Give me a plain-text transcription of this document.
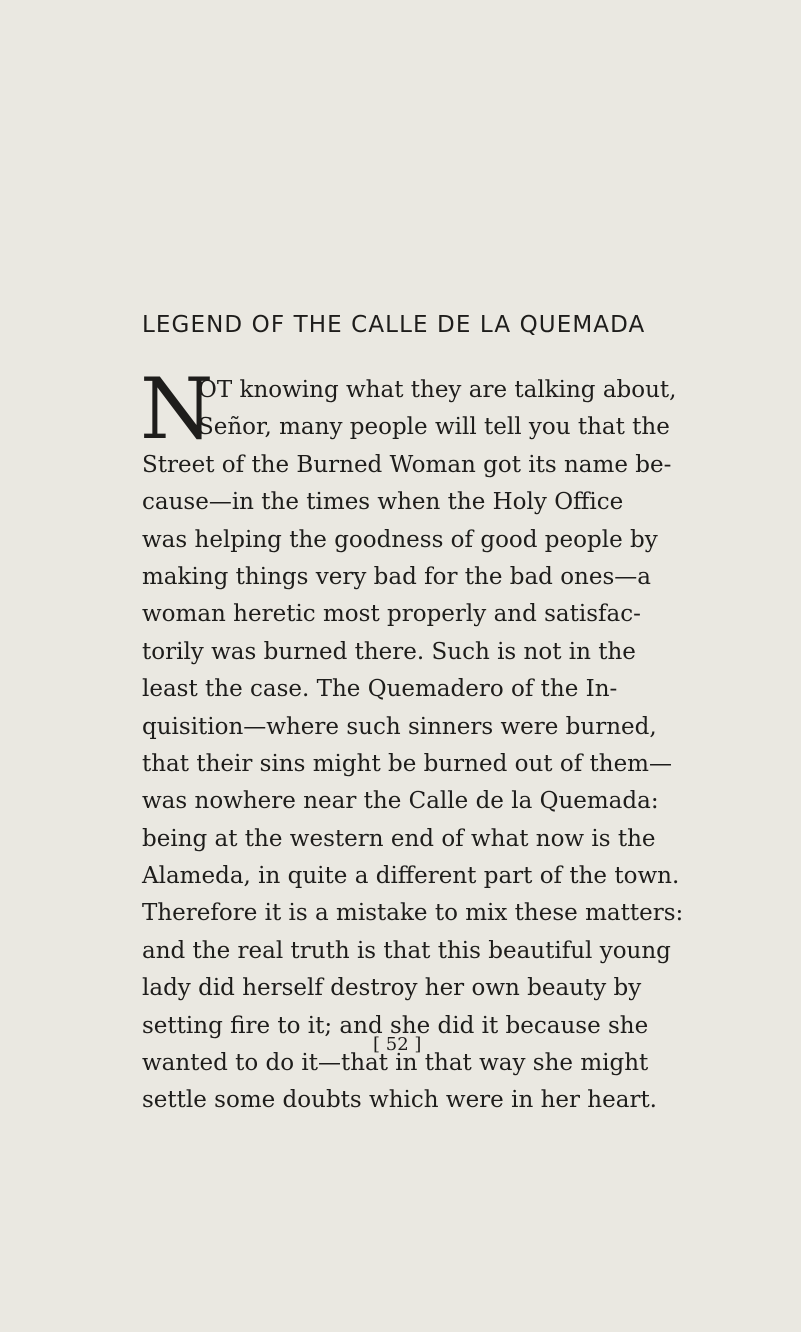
LEGEND OF THE CALLE DE LA QUEMADA
N
OT knowing what they are talking about,
Señor, many people will tell you that the
Street of the Burned Woman got its name be-
cause—in the times when the Holy Office
was helping the goodness of good people by
making things very bad for the bad ones—a
woman heretic most properly and satisfac-
torily was burned there. Such is not in the
least the case. The Quemadero of the In-
quisition—where such sinners were burned,
that their sins might be burned out of them—
was nowhere near the Calle de la Quemada:
being at the western end of what now is the
Alameda, in quite a different part of the town.
Therefore it is a mistake to mix these matters:
and the real truth is that this beautiful young
lady did herself destroy her own beauty by
setting fire to it; and she did it because she
wanted to do it—that in that way she might
settle some doubts which were in her heart.
[ 52 ]
